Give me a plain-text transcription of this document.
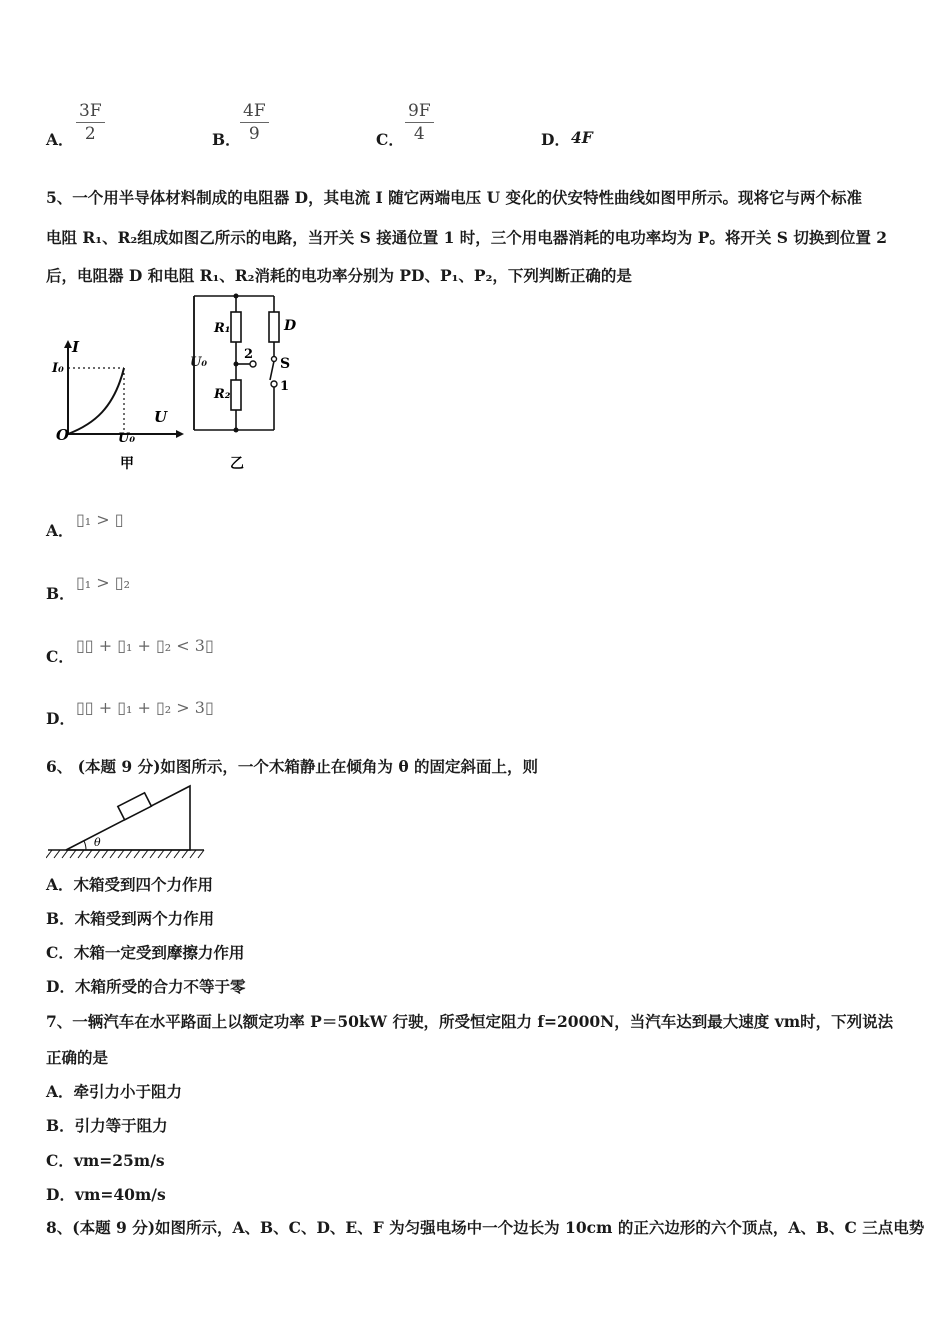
A． $\frac{3F}{2}$	B． $\frac{4F}{9}$	C． $\frac{9F}{4}$	D． 4F
5、一个用半导体材料制成的电阻器 D，其电流 I 随它两端电压 U 变化的伏安特性曲线如图甲所示。现将它与两个标准
电阻 R₁、R₂组成如图乙所示的电路，当开关 S 接通位置 1 时，三个用电器消耗的电功率均为 P。将开关 S 切换到位置 2
后，电阻器 D 和电阻 R₁、R₂消耗的电功率分别为 PD、P₁、P₂，下列判断正确的是
I
U
O
I₀
U₀
甲
R₁
R₂
D
S
1
2
U₀
乙
A．
▯₁ > ▯
B．
▯₁ > ▯₂
C．
▯▯ + ▯₁ + ▯₂ < 3▯
D．
▯▯ + ▯₁ + ▯₂ > 3▯
6、 (本题 9 分)如图所示，一个木箱静止在倾角为 θ 的固定斜面上，则
θ
A．木箱受到四个力作用
B．木箱受到两个力作用
C．木箱一定受到摩擦力作用
D．木箱所受的合力不等于零
7、一辆汽车在水平路面上以额定功率 P＝50kW 行驶，所受恒定阻力 f=2000N，当汽车达到最大速度 vm时，下列说法
正确的是
A．牵引力小于阻力
B．引力等于阻力
C．vm=25m/s
D．vm=40m/s
8、(本题 9 分)如图所示，A、B、C、D、E、F 为匀强电场中一个边长为 10cm 的正六边形的六个顶点，A、B、C 三点电势
